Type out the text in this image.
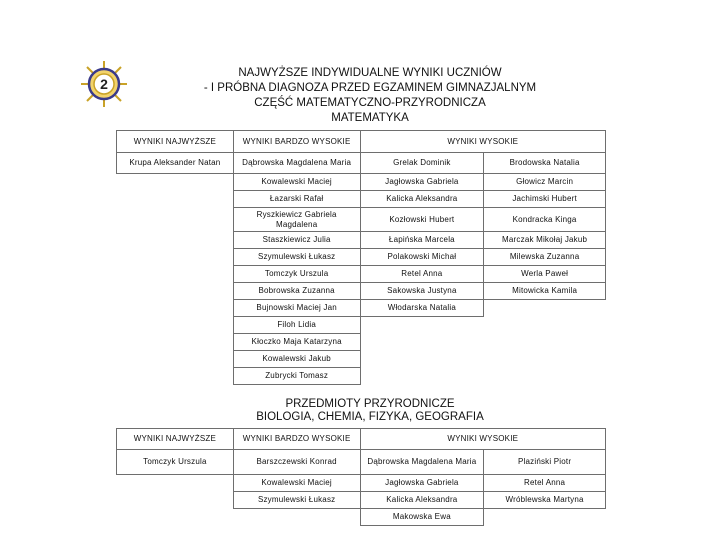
2
NAJWYŻSZE INDYWIDUALNE WYNIKI UCZNIÓW
- I PRÓBNA DIAGNOZA PRZED EGZAMINEM GIMNAZJALNYM
CZĘŚĆ MATEMATYCZNO-PRZYRODNICZA
MATEMATYKA
WYNIKI NAJWYŻSZE	WYNIKI BARDZO WYSOKIE	WYNIKI WYSOKIE	
Krupa Aleksander Natan	Dąbrowska Magdalena Maria	Grelak Dominik	Brodowska Natalia
	Kowalewski Maciej	Jagłowska Gabriela	Głowicz Marcin
	Łazarski Rafał	Kalicka Aleksandra	Jachimski Hubert
	Ryszkiewicz Gabriela Magdalena	Kozłowski Hubert	Kondracka Kinga
	Staszkiewicz Julia	Łapińska Marcela	Marczak Mikołaj Jakub
	Szymulewski Łukasz	Polakowski Michał	Milewska Zuzanna
	Tomczyk Urszula	Retel Anna	Werla Paweł
	Bobrowska Zuzanna	Sakowska Justyna	Mitowicka Kamila
	Bujnowski Maciej Jan	Włodarska Natalia	
	Filoh Lidia		
	Kłoczko Maja Katarzyna		
	Kowalewski Jakub		
	Zubrycki Tomasz		
PRZEDMIOTY PRZYRODNICZE
BIOLOGIA, CHEMIA, FIZYKA, GEOGRAFIA
WYNIKI NAJWYŻSZE	WYNIKI BARDZO WYSOKIE	WYNIKI WYSOKIE	
Tomczyk Urszula	Barszczewski Konrad	Dąbrowska Magdalena Maria	Plaziński Piotr
	Kowalewski Maciej	Jagłowska Gabriela	Retel Anna
	Szymulewski Łukasz	Kalicka Aleksandra	Wróblewska Martyna
		Makowska Ewa	
